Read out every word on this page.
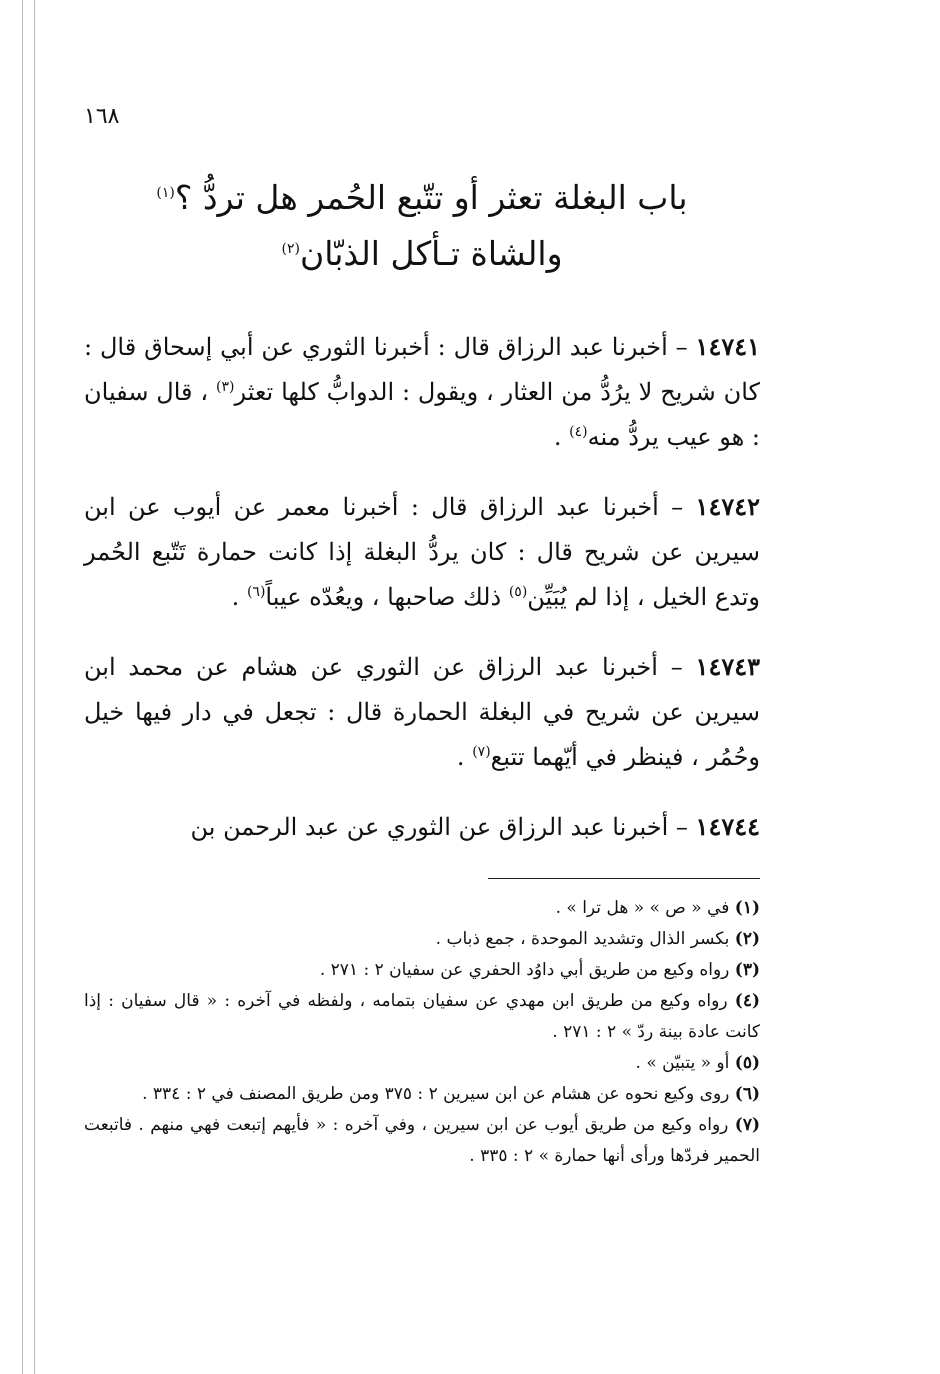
١٦٨
باب البغلة تعثر أو تتّبع الحُمر هل تردُّ ؟$^{(١)}$
والشاة تـأكل الذبّان$^{(٢)}$
١٤٧٤١ – أخبرنا عبد الرزاق قال : أخبرنا الثوري عن أبي إسحاق قال : كان شريح لا يرُدُّ من العثار ، ويقول : الدوابُّ كلها تعثر$^{(٣)}$ ، قال سفيان : هو عيب يردُّ منه$^{(٤)}$ .
١٤٧٤٢ – أخبرنا عبد الرزاق قال : أخبرنا معمر عن أيوب عن ابن سيرين عن شريح قال : كان يردُّ البغلة إذا كانت حمارة تَتّبع الحُمر وتدع الخيل ، إذا لم يُبَيِّن$^{(٥)}$ ذلك صاحبها ، ويعُدّه عيباً$^{(٦)}$ .
١٤٧٤٣ – أخبرنا عبد الرزاق عن الثوري عن هشام عن محمد ابن سيرين عن شريح في البغلة الحمارة قال : تجعل في دار فيها خيل وحُمُر ، فينظر في أيّهما تتبع$^{(٧)}$ .
١٤٧٤٤ – أخبرنا عبد الرزاق عن الثوري عن عبد الرحمن بن
(١) في « ص » « هل ترا » .
(٢) بكسر الذال وتشديد الموحدة ، جمع ذباب .
(٣) رواه وكيع من طريق أبي داوُد الحفري عن سفيان ٢ : ٢٧١ .
(٤) رواه وكيع من طريق ابن مهدي عن سفيان بتمامه ، ولفظه في آخره : « قال سفيان : إذا كانت عادة بينة ردّ » ٢ : ٢٧١ .
(٥) أو « يتبيّن » .
(٦) روى وكيع نحوه عن هشام عن ابن سيرين ٢ : ٣٧٥ ومن طريق المصنف في ٢ : ٣٣٤ .
(٧) رواه وكيع من طريق أيوب عن ابن سيرين ، وفي آخره : « فأيهم إتبعت فهي منهم . فاتبعت الحمير فردّها ورأى أنها حمارة » ٢ : ٣٣٥ .
